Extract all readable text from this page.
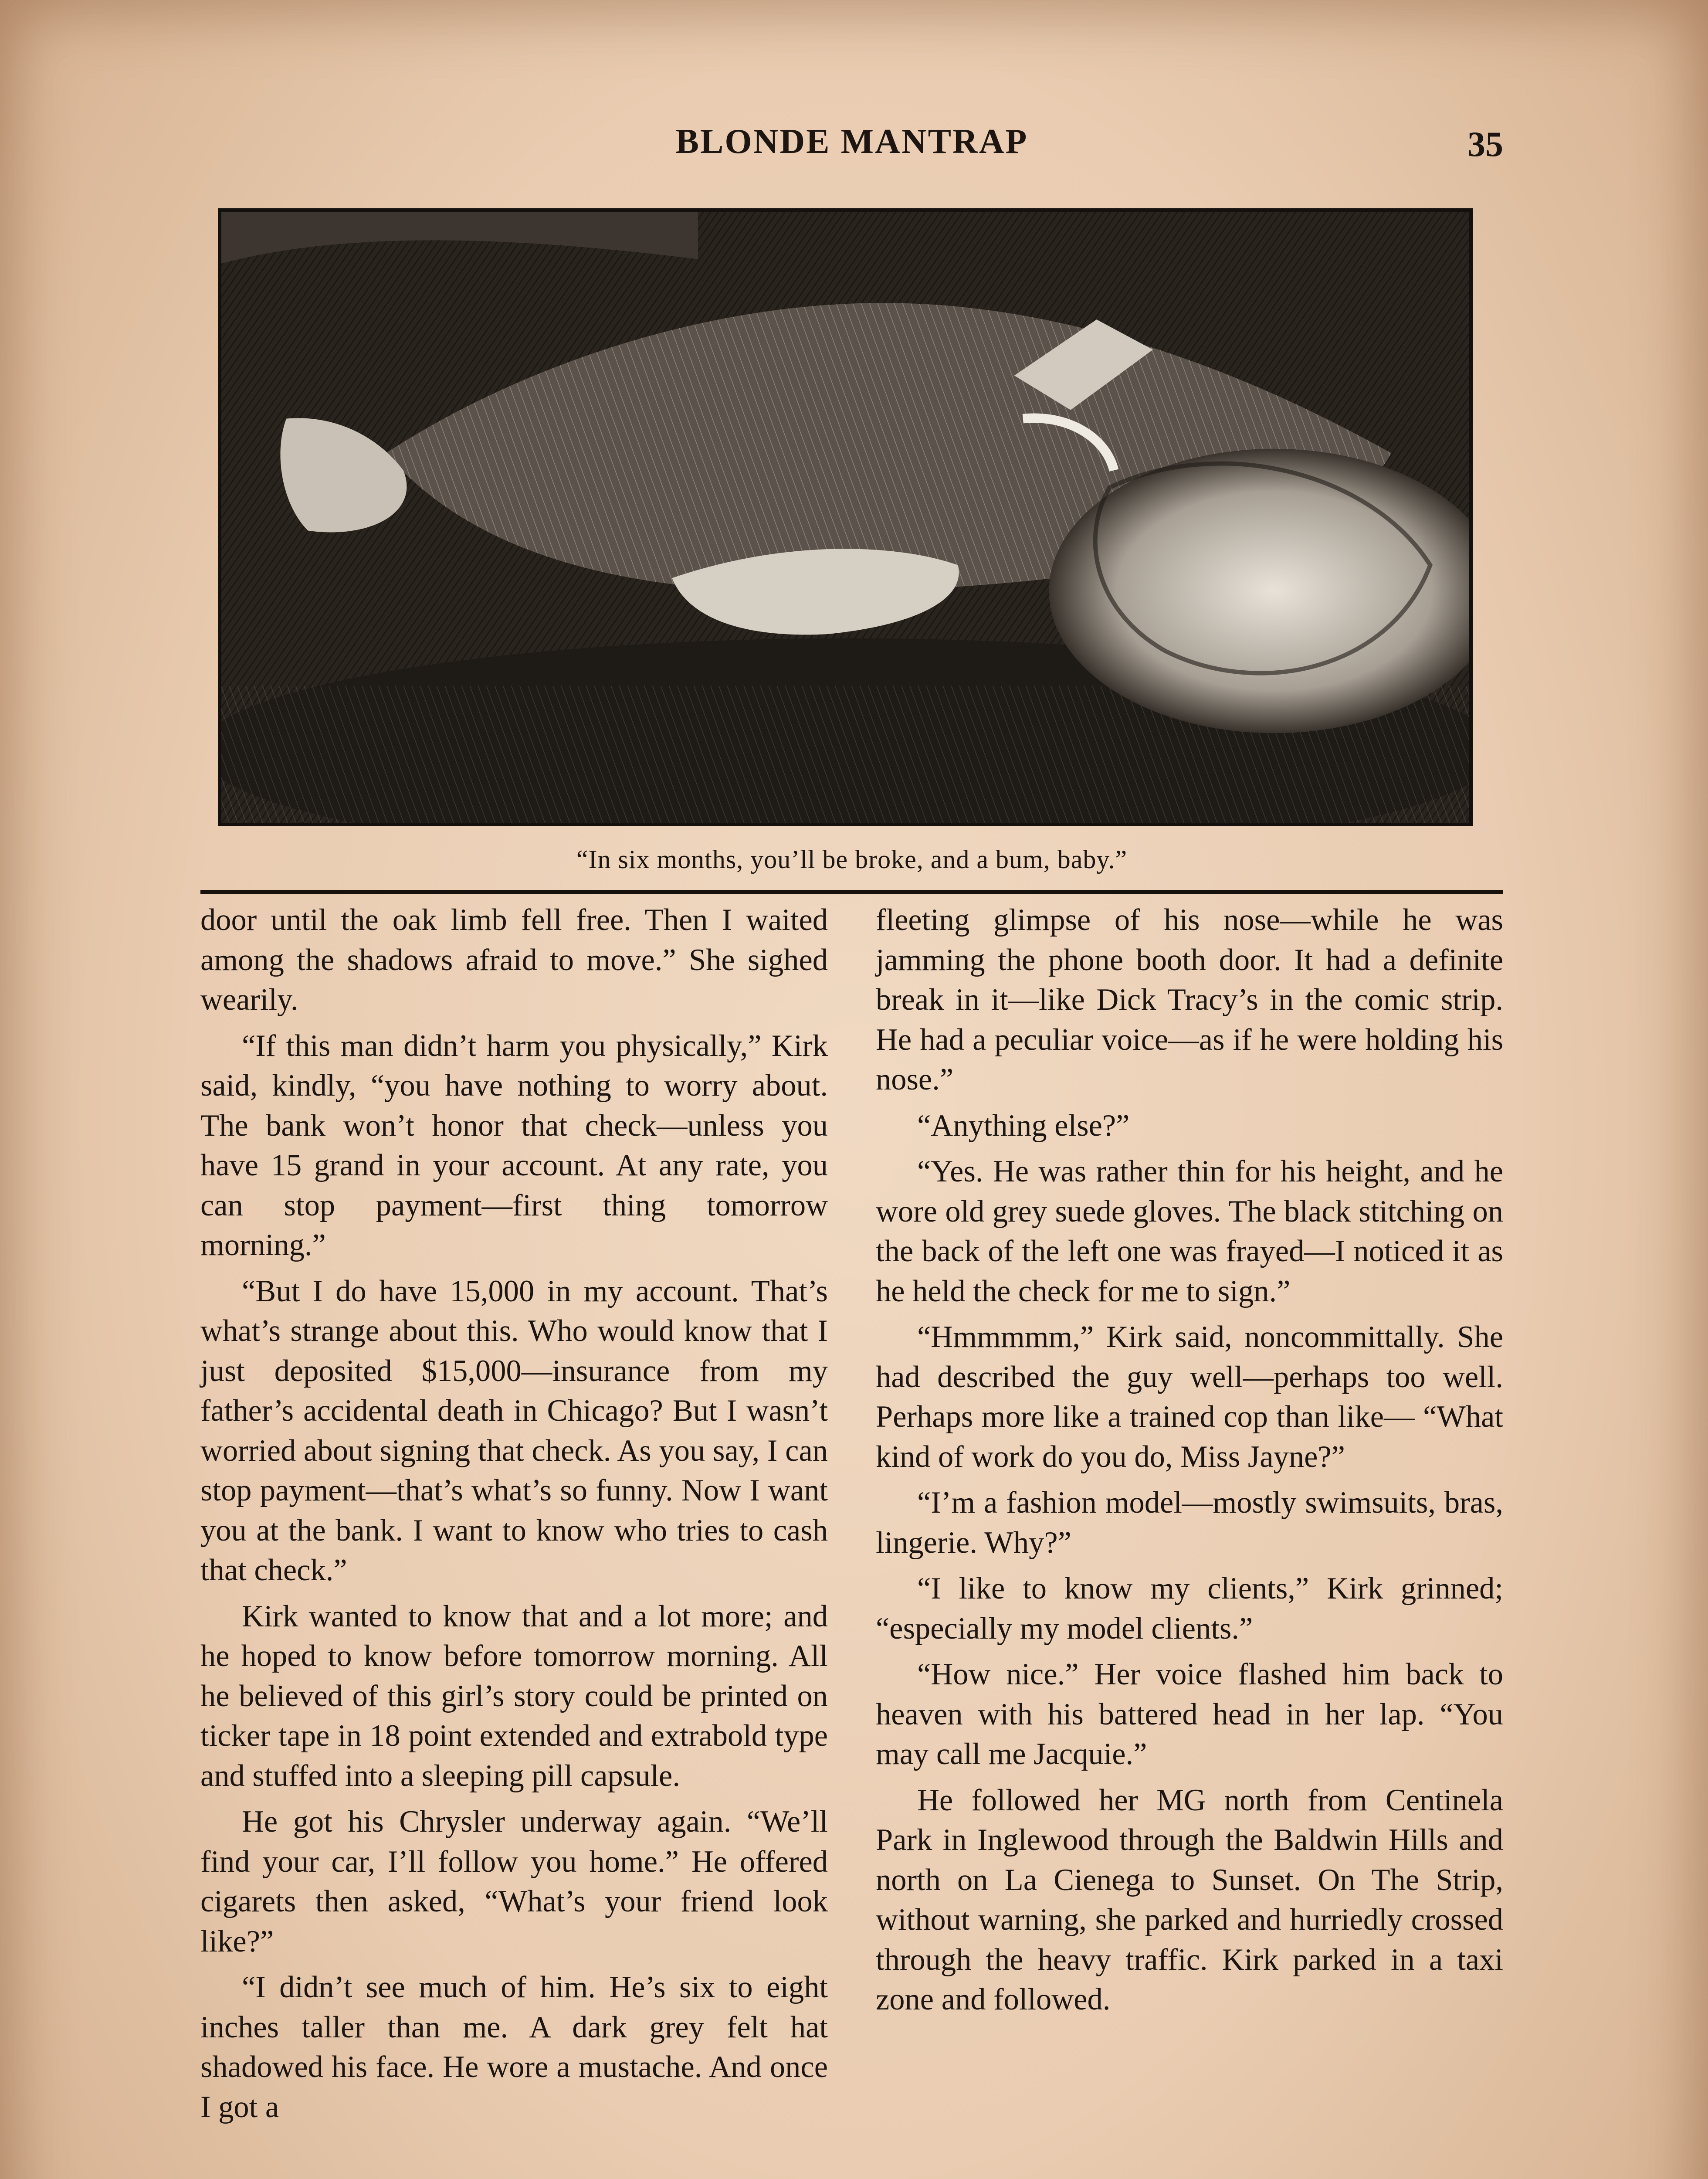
BLONDE MANTRAP	35
“In six months, you’ll be broke, and a bum, baby.”

door until the oak limb fell free. Then I waited among the shadows afraid to move.” She sighed wearily.

“If this man didn’t harm you physically,” Kirk said, kindly, “you have nothing to worry about. The bank won’t honor that check—unless you have 15 grand in your account. At any rate, you can stop payment—first thing tomorrow morning.”

“But I do have 15,000 in my account. That’s what’s strange about this. Who would know that I just deposited $15,000—insurance from my father’s accidental death in Chicago? But I wasn’t worried about signing that check. As you say, I can stop payment—that’s what’s so funny. Now I want you at the bank. I want to know who tries to cash that check.”

Kirk wanted to know that and a lot more; and he hoped to know before tomorrow morning. All he believed of this girl’s story could be printed on ticker tape in 18 point extended and extrabold type and stuffed into a sleeping pill capsule.

He got his Chrysler underway again. “We’ll find your car, I’ll follow you home.” He offered cigarets then asked, “What’s your friend look like?”

“I didn’t see much of him. He’s six to eight inches taller than me. A dark grey felt hat shadowed his face. He wore a mustache. And once I got a

fleeting glimpse of his nose—while he was jamming the phone booth door. It had a definite break in it—like Dick Tracy’s in the comic strip. He had a peculiar voice—as if he were holding his nose.”

“Anything else?”

“Yes. He was rather thin for his height, and he wore old grey suede gloves. The black stitching on the back of the left one was frayed—I noticed it as he held the check for me to sign.”

“Hmmmmm,” Kirk said, noncommittally. She had described the guy well—perhaps too well. Perhaps more like a trained cop than like— “What kind of work do you do, Miss Jayne?”

“I’m a fashion model—mostly swimsuits, bras, lingerie. Why?”

“I like to know my clients,” Kirk grinned; “especially my model clients.”

“How nice.” Her voice flashed him back to heaven with his battered head in her lap. “You may call me Jacquie.”

He followed her MG north from Centinela Park in Inglewood through the Baldwin Hills and north on La Cienega to Sunset. On The Strip, without warning, she parked and hurriedly crossed through the heavy traffic. Kirk parked in a taxi zone and followed.
